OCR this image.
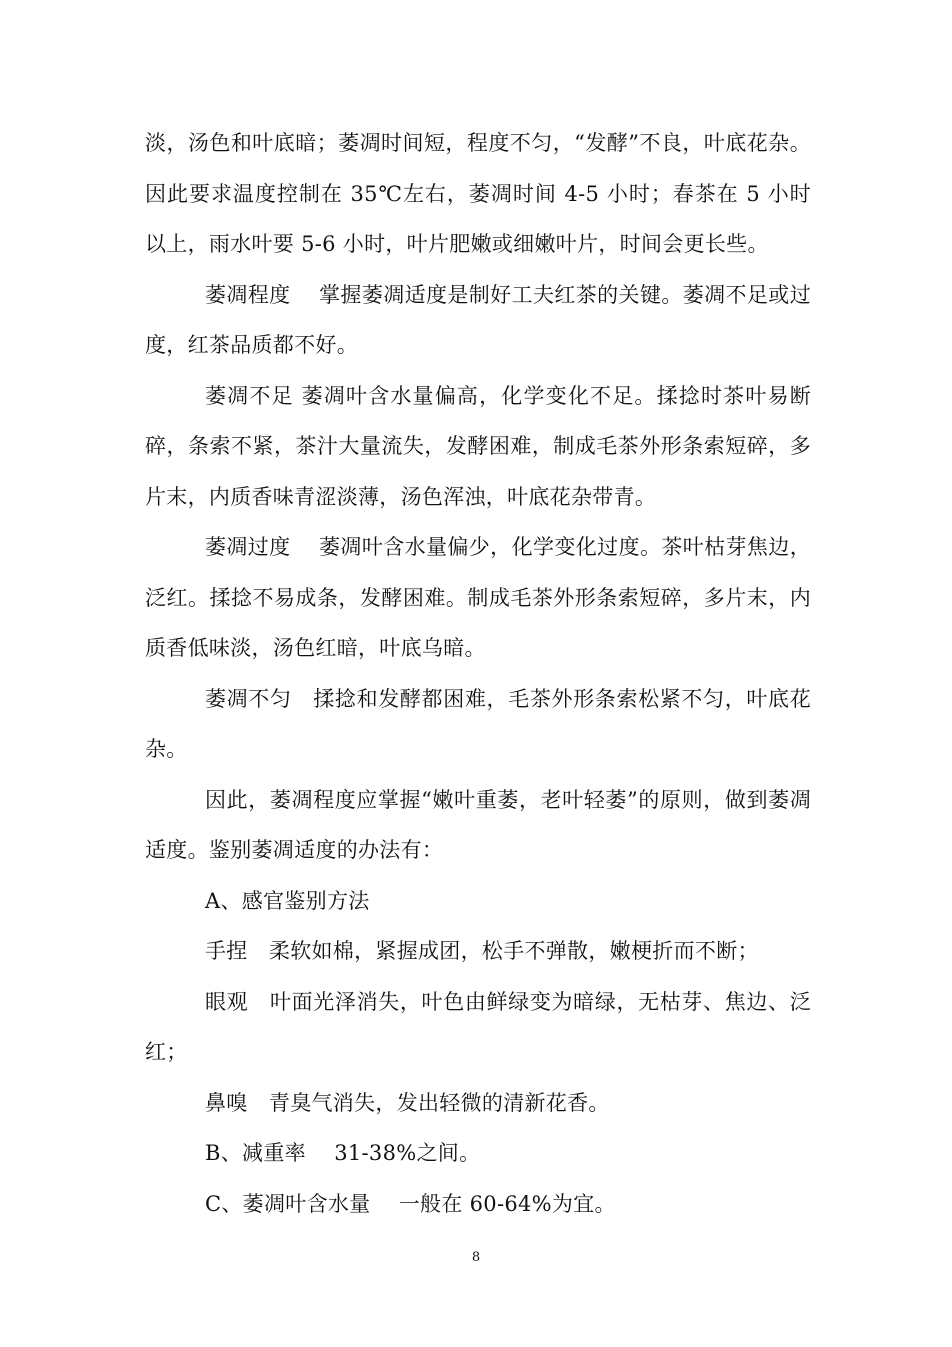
淡，汤色和叶底暗；萎凋时间短，程度不匀，“发酵”不良，叶底花杂。因此要求温度控制在 35℃左右，萎凋时间 4-5 小时；春茶在 5 小时以上，雨水叶要 5-6 小时，叶片肥嫩或细嫩叶片，时间会更长些。

萎凋程度　 掌握萎凋适度是制好工夫红茶的关键。萎凋不足或过度，红茶品质都不好。

萎凋不足 萎凋叶含水量偏高，化学变化不足。揉捻时茶叶易断碎，条索不紧，茶汁大量流失，发酵困难，制成毛茶外形条索短碎，多片末，内质香味青涩淡薄，汤色浑浊，叶底花杂带青。

萎凋过度　 萎凋叶含水量偏少，化学变化过度。茶叶枯芽焦边，泛红。揉捻不易成条，发酵困难。制成毛茶外形条索短碎，多片末，内质香低味淡，汤色红暗，叶底乌暗。

萎凋不匀　揉捻和发酵都困难，毛茶外形条索松紧不匀，叶底花杂。

因此，萎凋程度应掌握“嫩叶重萎，老叶轻萎”的原则，做到萎凋适度。鉴别萎凋适度的办法有：

A、感官鉴别方法

手捏　柔软如棉，紧握成团，松手不弹散，嫩梗折而不断；

眼观　叶面光泽消失，叶色由鲜绿变为暗绿，无枯芽、焦边、泛红；

鼻嗅　青臭气消失，发出轻微的清新花香。

B、减重率　 31-38%之间。

C、萎凋叶含水量　 一般在 60-64%为宜。

8
